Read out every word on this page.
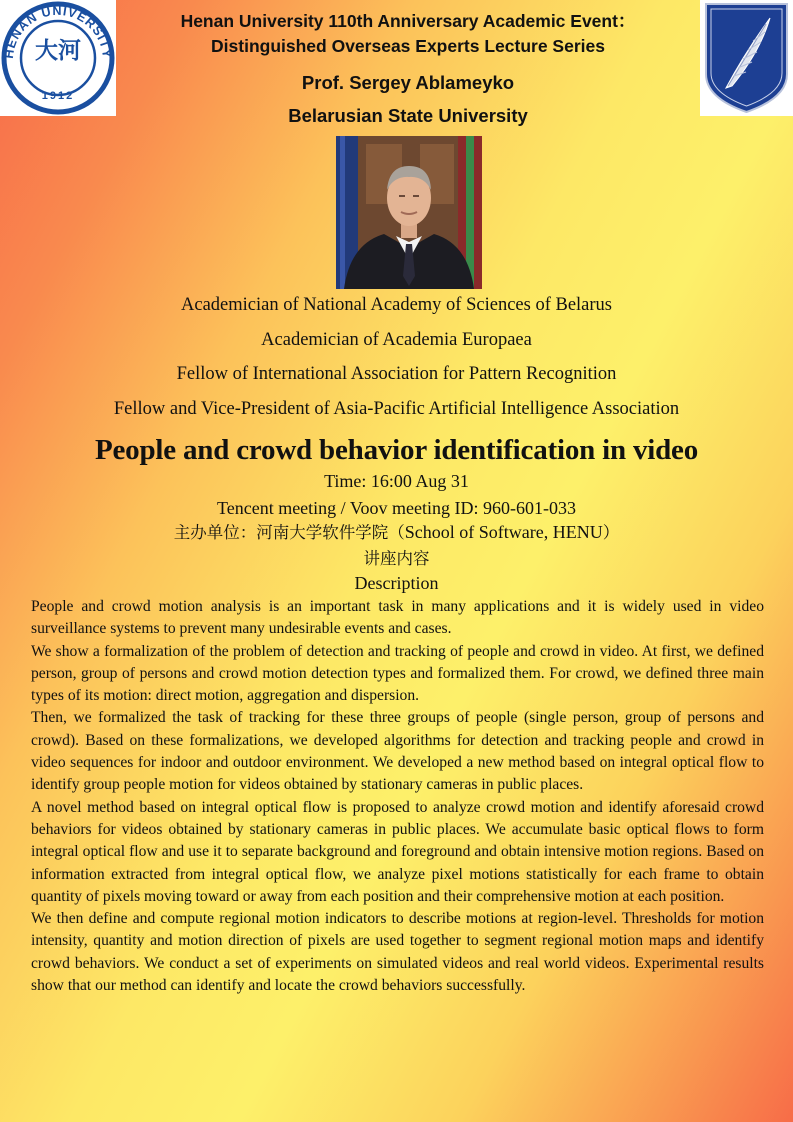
HENAN UNIVERSITY
大河
1912
Henan University 110th Anniversary Academic Event：
Distinguished Overseas Experts Lecture Series
Prof. Sergey Ablameyko
Belarusian State University
Academician of National Academy of Sciences of Belarus
Academician of Academia Europaea
Fellow of International Association for Pattern Recognition
Fellow and Vice-President of Asia-Pacific Artificial Intelligence Association
People and crowd behavior identification in video
Time: 16:00 Aug 31
Tencent meeting / Voov meeting ID: 960-601-033
主办单位：河南大学软件学院（School of Software, HENU）
讲座内容
Description

People and crowd motion analysis is an important task in many applications and it is widely used in video surveillance systems to prevent many undesirable events and cases.

We show a formalization of the problem of detection and tracking of people and crowd in video. At first, we defined person, group of persons and crowd motion detection types and formalized them. For crowd, we defined three main types of its motion: direct motion, aggregation and dispersion.

Then, we formalized the task of tracking for these three groups of people (single person, group of persons and crowd). Based on these formalizations, we developed algorithms for detection and tracking people and crowd in video sequences for indoor and outdoor environment. We developed a new method based on integral optical flow to identify group people motion for videos obtained by stationary cameras in public places.

A novel method based on integral optical flow is proposed to analyze crowd motion and identify aforesaid crowd behaviors for videos obtained by stationary cameras in public places. We accumulate basic optical flows to form integral optical flow and use it to separate background and foreground and obtain intensive motion regions. Based on information extracted from integral optical flow, we analyze pixel motions statistically for each frame to obtain quantity of pixels moving toward or away from each position and their comprehensive motion at each position.

We then define and compute regional motion indicators to describe motions at region-level. Thresholds for motion intensity, quantity and motion direction of pixels are used together to segment regional motion maps and identify crowd behaviors. We conduct a set of experiments on simulated videos and real world videos. Experimental results show that our method can identify and locate the crowd behaviors successfully.
